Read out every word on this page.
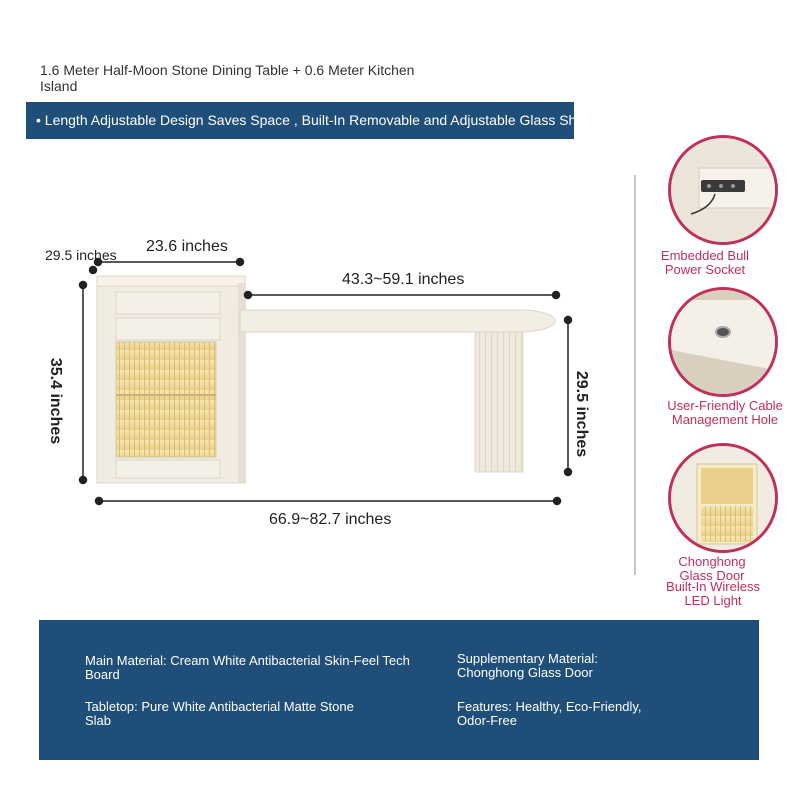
1.6 Meter Half-Moon Stone Dining Table + 0.6 Meter Kitchen Island
• Length Adjustable Design Saves Space , Built-In Removable and Adjustable Glass Shelves
29.5 inches 23.6 inches
43.3~59.1 inches
35.4 inches	29.5 inches
66.9~82.7 inches
Embedded Bull Power Socket
User-Friendly Cable Management Hole
Chonghong Glass Door
Built-In Wireless LED Light
Main Material: Cream White Antibacterial Skin-Feel Tech Board
Supplementary Material: Chonghong Glass Door
Tabletop: Pure White Antibacterial Matte Stone Slab
Features: Healthy, Eco-Friendly, Odor-Free
